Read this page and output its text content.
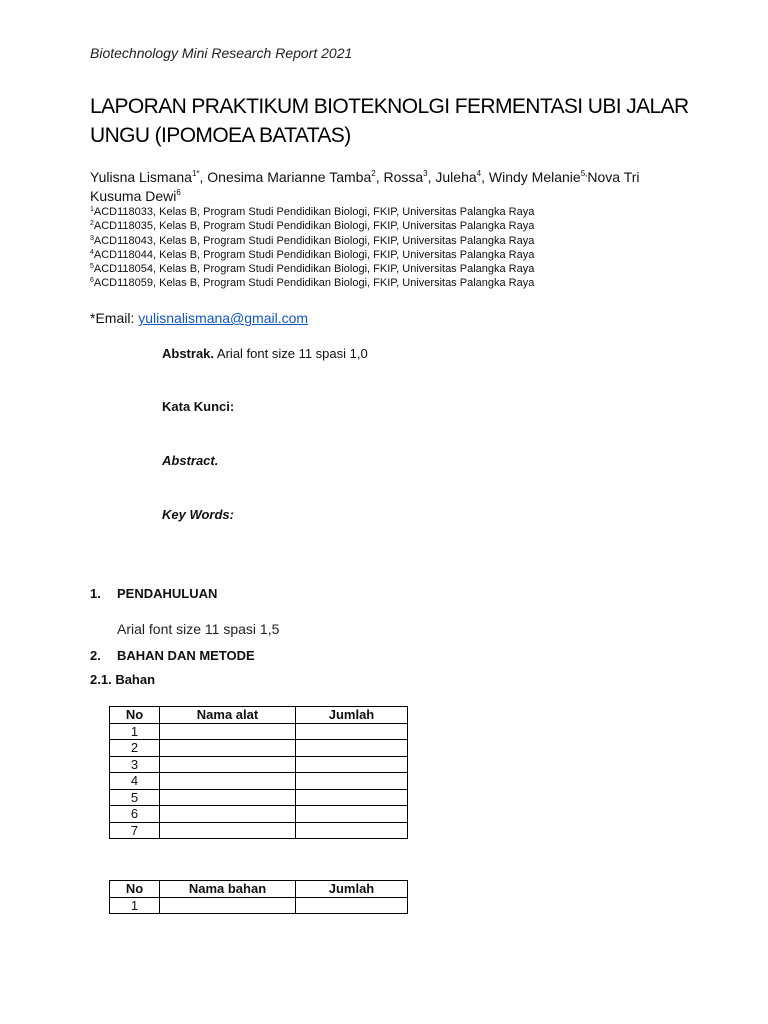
Biotechnology Mini Research Report 2021
LAPORAN PRAKTIKUM BIOTEKNOLGI FERMENTASI UBI JALAR
UNGU (IPOMOEA BATATAS)
Yulisna Lismana$^{1*}$, Onesima Marianne Tamba$^2$, Rossa$^3$, Juleha$^4$, Windy Melanie$^{5,}$Nova Tri Kusuma Dewi$^6$
$^1$ACD118033, Kelas B, Program Studi Pendidikan Biologi, FKIP, Universitas Palangka Raya
$^2$ACD118035, Kelas B, Program Studi Pendidikan Biologi, FKIP, Universitas Palangka Raya
$^3$ACD118043, Kelas B, Program Studi Pendidikan Biologi, FKIP, Universitas Palangka Raya
$^4$ACD118044, Kelas B, Program Studi Pendidikan Biologi, FKIP, Universitas Palangka Raya
$^5$ACD118054, Kelas B, Program Studi Pendidikan Biologi, FKIP, Universitas Palangka Raya
$^6$ACD118059, Kelas B, Program Studi Pendidikan Biologi, FKIP, Universitas Palangka Raya
*Email: yulisnalismana@gmail.com
Abstrak. Arial font size 11 spasi 1,0
Kata Kunci:
Abstract.
Key Words:
1. PENDAHULUAN
Arial font size 11 spasi 1,5
2. BAHAN DAN METODE
2.1. Bahan
No	Nama alat	Jumlah
1		
2		
3		
4		
5		
6		
7		
No	Nama bahan	Jumlah
1		
